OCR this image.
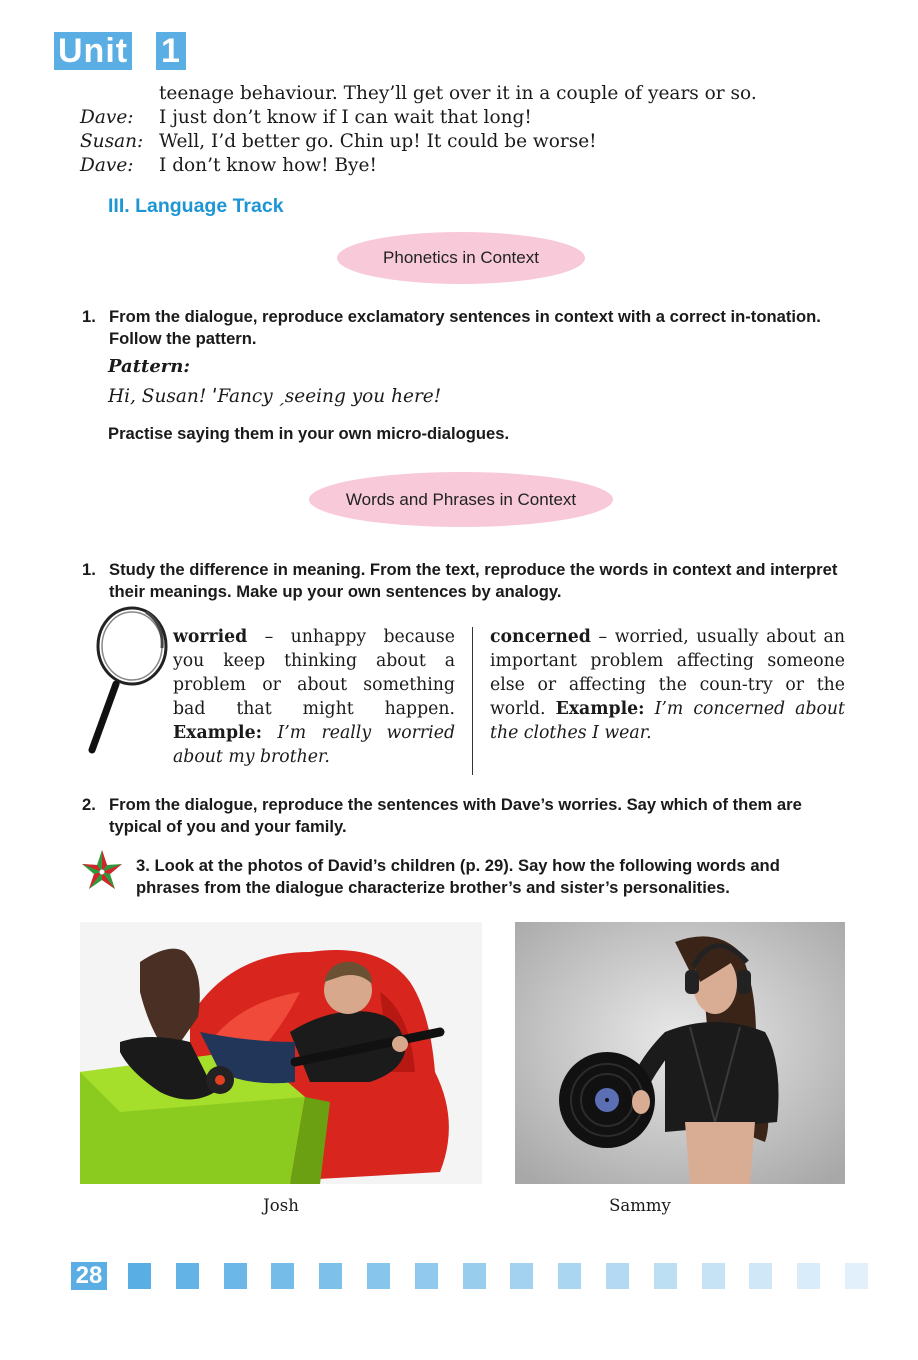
Unit 1
teenage behaviour. They’ll get over it in a couple of years or so.
Dave: I just don’t know if I can wait that long!
Susan: Well, I’d better go. Chin up! It could be worse!
Dave: I don’t know how! Bye!
III. Language Track
Phonetics in Context
1. From the dialogue, reproduce exclamatory sentences in context with a correct in-tonation. Follow the pattern.
Pattern:
Hi, Susan! ˈFancy ˏseeing you here!
Practise saying them in your own micro-dialogues.
Words and Phrases in Context
1. Study the difference in meaning. From the text, reproduce the words in context and interpret their meanings. Make up your own sentences by analogy.
worried – unhappy because you keep thinking about a problem or about something bad that might happen. Example: I’m really worried about my brother.
concerned – worried, usually about an important problem affecting someone else or affecting the coun-try or the world. Example: I’m concerned about the clothes I wear.
2. From the dialogue, reproduce the sentences with Dave’s worries. Say which of them are typical of you and your family.
3. Look at the photos of David’s children (p. 29). Say how the following words and phrases from the dialogue characterize brother’s and sister’s personalities.
Josh	Sammy
28
